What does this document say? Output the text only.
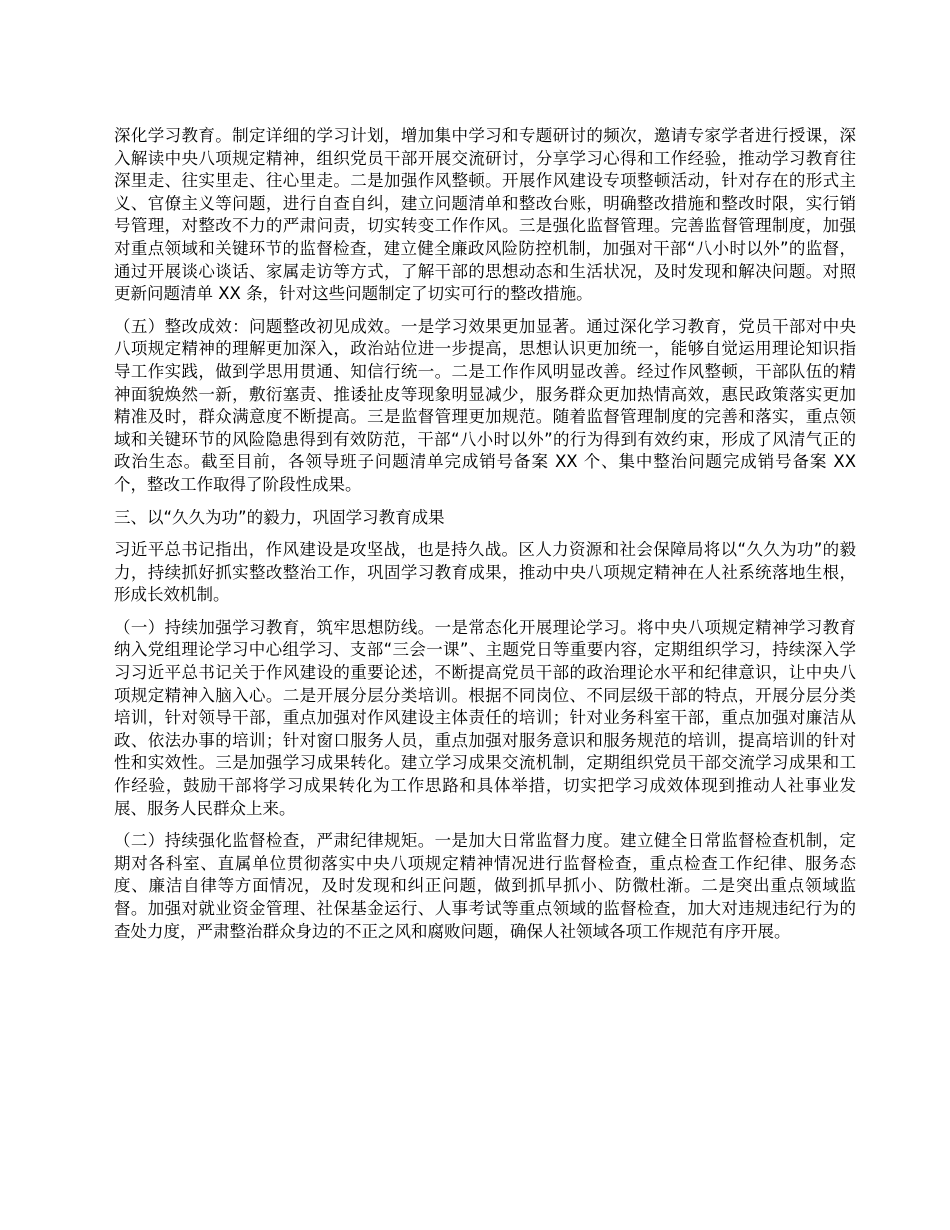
深化学习教育。制定详细的学习计划，增加集中学习和专题研讨的频次，邀请专家学者进行授课，深入解读中央八项规定精神，组织党员干部开展交流研讨，分享学习心得和工作经验，推动学习教育往深里走、往实里走、往心里走。二是加强作风整顿。开展作风建设专项整顿活动，针对存在的形式主义、官僚主义等问题，进行自查自纠，建立问题清单和整改台账，明确整改措施和整改时限，实行销号管理，对整改不力的严肃问责，切实转变工作作风。三是强化监督管理。完善监督管理制度，加强对重点领域和关键环节的监督检查，建立健全廉政风险防控机制，加强对干部“八小时以外”的监督，通过开展谈心谈话、家属走访等方式，了解干部的思想动态和生活状况，及时发现和解决问题。对照更新问题清单 XX 条，针对这些问题制定了切实可行的整改措施。

（五）整改成效：问题整改初见成效。一是学习效果更加显著。通过深化学习教育，党员干部对中央八项规定精神的理解更加深入，政治站位进一步提高，思想认识更加统一，能够自觉运用理论知识指导工作实践，做到学思用贯通、知信行统一。二是工作作风明显改善。经过作风整顿，干部队伍的精神面貌焕然一新，敷衍塞责、推诿扯皮等现象明显减少，服务群众更加热情高效，惠民政策落实更加精准及时，群众满意度不断提高。三是监督管理更加规范。随着监督管理制度的完善和落实，重点领域和关键环节的风险隐患得到有效防范，干部“八小时以外”的行为得到有效约束，形成了风清气正的政治生态。截至目前，各领导班子问题清单完成销号备案 XX 个、集中整治问题完成销号备案 XX 个，整改工作取得了阶段性成果。

三、以“久久为功”的毅力，巩固学习教育成果

习近平总书记指出，作风建设是攻坚战，也是持久战。区人力资源和社会保障局将以“久久为功”的毅力，持续抓好抓实整改整治工作，巩固学习教育成果，推动中央八项规定精神在人社系统落地生根，形成长效机制。

（一）持续加强学习教育，筑牢思想防线。一是常态化开展理论学习。将中央八项规定精神学习教育纳入党组理论学习中心组学习、支部“三会一课”、主题党日等重要内容，定期组织学习，持续深入学习习近平总书记关于作风建设的重要论述，不断提高党员干部的政治理论水平和纪律意识，让中央八项规定精神入脑入心。二是开展分层分类培训。根据不同岗位、不同层级干部的特点，开展分层分类培训，针对领导干部，重点加强对作风建设主体责任的培训；针对业务科室干部，重点加强对廉洁从政、依法办事的培训；针对窗口服务人员，重点加强对服务意识和服务规范的培训，提高培训的针对性和实效性。三是加强学习成果转化。建立学习成果交流机制，定期组织党员干部交流学习成果和工作经验，鼓励干部将学习成果转化为工作思路和具体举措，切实把学习成效体现到推动人社事业发展、服务人民群众上来。

（二）持续强化监督检查，严肃纪律规矩。一是加大日常监督力度。建立健全日常监督检查机制，定期对各科室、直属单位贯彻落实中央八项规定精神情况进行监督检查，重点检查工作纪律、服务态度、廉洁自律等方面情况，及时发现和纠正问题，做到抓早抓小、防微杜渐。二是突出重点领域监督。加强对就业资金管理、社保基金运行、人事考试等重点领域的监督检查，加大对违规违纪行为的查处力度，严肃整治群众身边的不正之风和腐败问题，确保人社领域各项工作规范有序开展。
